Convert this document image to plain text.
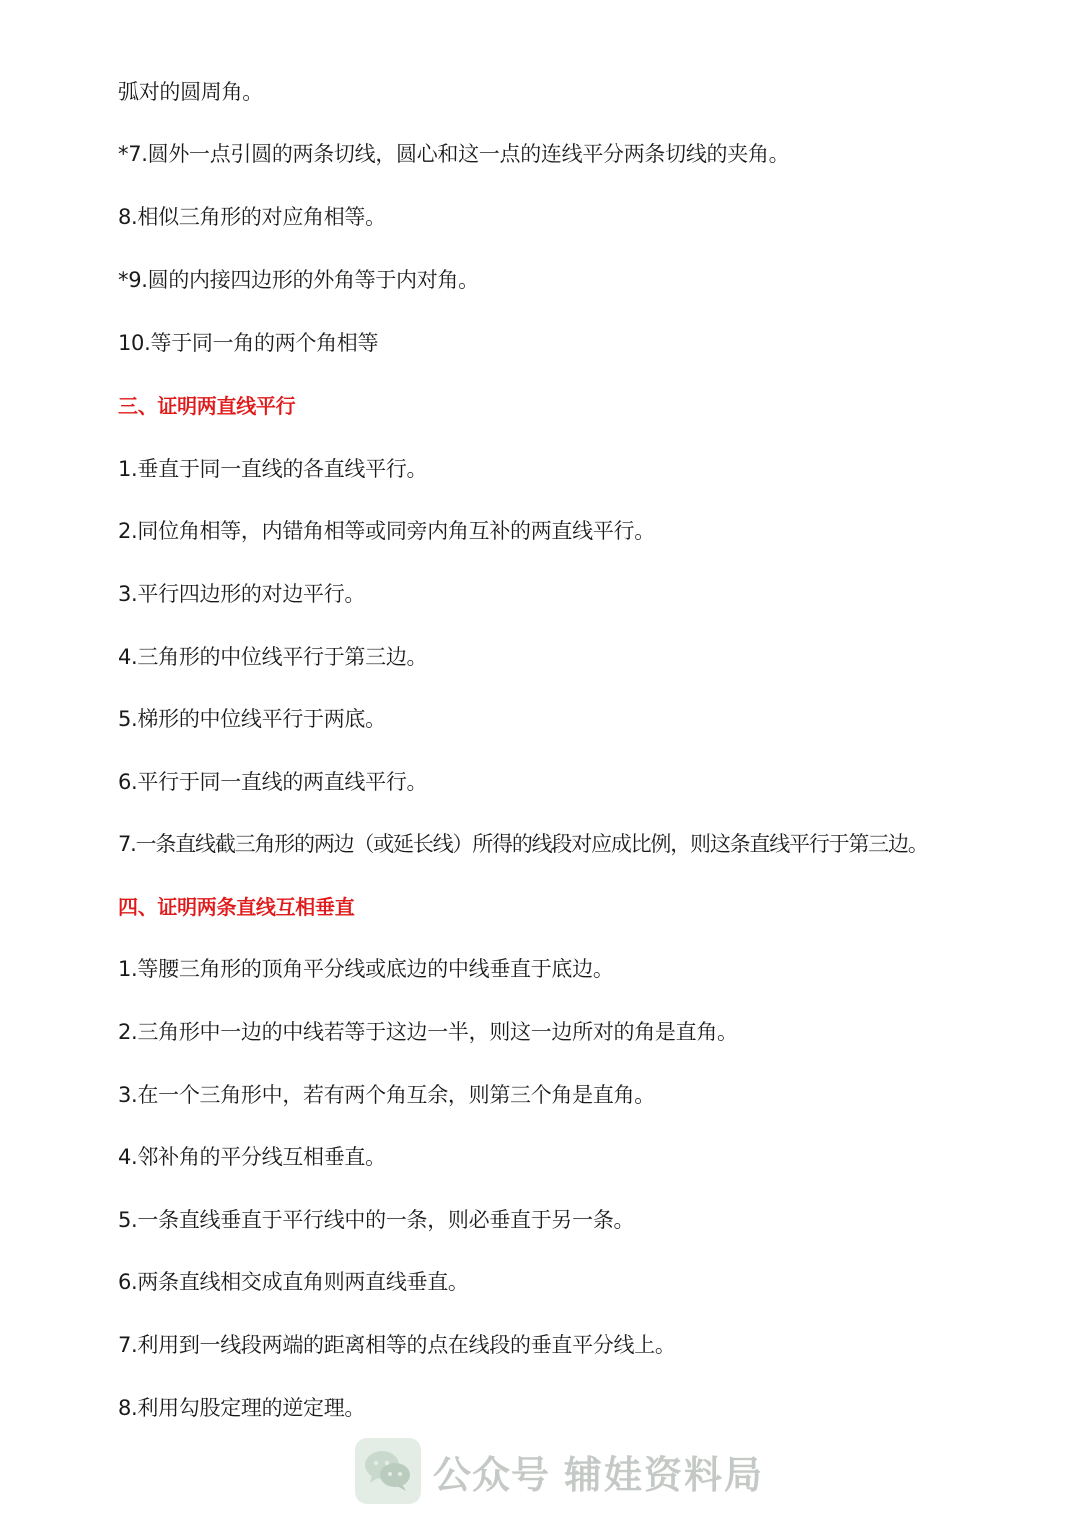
弧对的圆周角。
*7.圆外一点引圆的两条切线，圆心和这一点的连线平分两条切线的夹角。
8.相似三角形的对应角相等。
*9.圆的内接四边形的外角等于内对角。
10.等于同一角的两个角相等
三、证明两直线平行
1.垂直于同一直线的各直线平行。
2.同位角相等，内错角相等或同旁内角互补的两直线平行。
3.平行四边形的对边平行。
4.三角形的中位线平行于第三边。
5.梯形的中位线平行于两底。
6.平行于同一直线的两直线平行。
7.一条直线截三角形的两边（或延长线）所得的线段对应成比例，则这条直线平行于第三边。
四、证明两条直线互相垂直
1.等腰三角形的顶角平分线或底边的中线垂直于底边。
2.三角形中一边的中线若等于这边一半，则这一边所对的角是直角。
3.在一个三角形中，若有两个角互余，则第三个角是直角。
4.邻补角的平分线互相垂直。
5.一条直线垂直于平行线中的一条，则必垂直于另一条。
6.两条直线相交成直角则两直线垂直。
7.利用到一线段两端的距离相等的点在线段的垂直平分线上。
8.利用勾股定理的逆定理。
公众号 辅娃资料局
